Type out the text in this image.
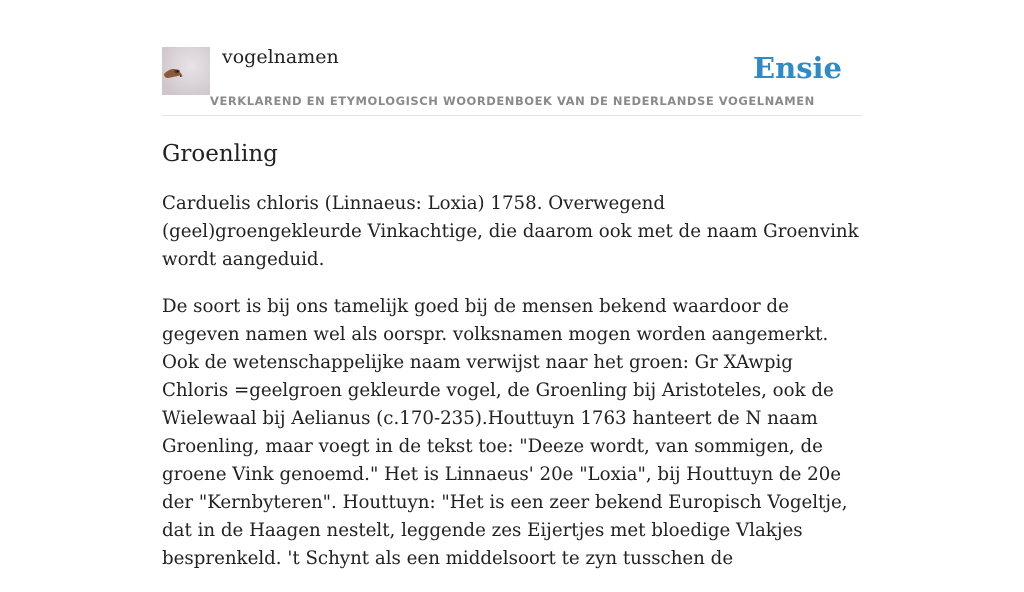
vogelnamen
VERKLAREND EN ETYMOLOGISCH WOORDENBOEK VAN DE NEDERLANDSE VOGELNAMEN
Ensie
Groenling

Carduelis chloris (Linnaeus: Loxia) 1758. Overwegend (geel)groengekleurde Vinkachtige, die daarom ook met de naam Groenvink wordt aangeduid.

De soort is bij ons tamelijk goed bij de mensen bekend waardoor de gegeven namen wel als oorspr. volksnamen mogen worden aangemerkt. Ook de wetenschappelijke naam verwijst naar het groen: Gr XAwpig Chloris =geelgroen gekleurde vogel, de Groenling bij Aristoteles, ook de Wielewaal bij Aelianus (c.170-235).Houttuyn 1763 hanteert de N naam Groenling, maar voegt in de tekst toe: "Deeze wordt, van sommigen, de groene Vink genoemd." Het is Linnaeus' 20e "Loxia", bij Houttuyn de 20e der "Kernbyteren". Houttuyn: "Het is een zeer bekend Europisch Vogeltje, dat in de Haagen nestelt, leggende zes Eijertjes met bloedige Vlakjes besprenkeld. 't Schynt als een middelsoort te zyn tusschen de
